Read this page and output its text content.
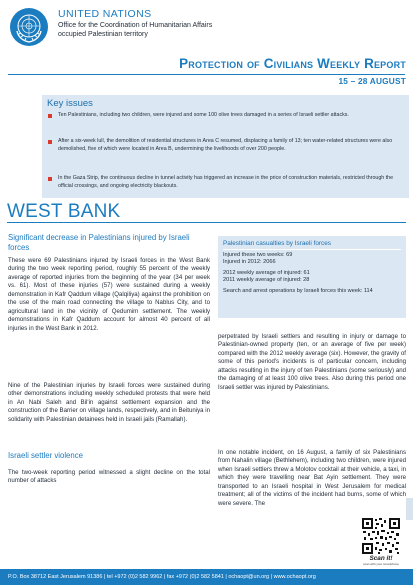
UNITED NATIONS
Office for the Coordination of Humanitarian Affairs
occupied Palestinian territory
Protection of Civilians Weekly Report
15 – 28 AUGUST
Key issues
Ten Palestinians, including two children, were injured and some 100 olive trees damaged in a series of Israeli settler attacks.
After a six-week lull, the demolition of residential structures in Area C resumed, displacing a family of 13; ten water-related structures were also demolished, five of which were located in Area B, undermining the livelihoods of over 200 people.
In the Gaza Strip, the continuous decline in tunnel activity has triggered an increase in the price of construction materials, restricted through the official crossings, and ongoing electricity blackouts.
WEST BANK
Significant decrease in Palestinians injured by Israeli forces
These were 69 Palestinians injured by Israeli forces in the West Bank during the two week reporting period, roughly 55 percent of the weekly average of reported injuries from the beginning of the year (34 per week vs. 61). Most of these injuries (57) were sustained during a weekly demonstration in Kafr Qaddum village (Qalqiliya) against the prohibition on the use of the main road connecting the village to Nablus City, and to agricultural land in the vicinity of Qedumim settlement. The weekly demonstrations in Kafr Qaddum account for almost 40 percent of all injuries in the West Bank in 2012.
Nine of the Palestinian injuries by Israeli forces were sustained during other demonstrations including weekly scheduled protests that were held in An Nabi Saleh and Bil'in against settlement expansion and the construction of the Barrier on village lands, respectively, and in Beituniya in solidarity with Palestinian detainees held in Israeli jails (Ramallah).
Israeli settler violence
The two-week reporting period witnessed a slight decline on the total number of attacks
Palestinian casualties by Israeli forces
Injured these two weeks: 69
Injured in 2012: 2066
2012 weekly average of injured: 61
2011 weekly average of injured: 28
Search and arrest operations by Israeli forces this week: 114
perpetrated by Israeli settlers and resulting in injury or damage to Palestinian-owned property (ten, or an average of five per week) compared with the 2012 weekly average (six). However, the gravity of some of this period's incidents is of particular concern, including attacks resulting in the injury of ten Palestinians (some seriously) and the damaging of at least 100 olive trees. Also during this period one Israeli settler was injured by Palestinians.
In one notable incident, on 16 August, a family of six Palestinians from Nahalin village (Bethlehem), including two children, were injured when Israeli settlers threw a Molotov cocktail at their vehicle, a taxi, in which they were travelling near Bat Ayin settlement. They were transported to an Israeli hospital in West Jerusalem for medical treatment; all of the victims of the incident had burns, some of which were severe. The
Scan it!
scan with your smartphone
P.O. Box 38712 East Jerusalem 91386 | tel +972 (0)2 582 9962 | fax +972 (0)2 582 5841 | ochaopt@un.org | www.ochaopt.org
